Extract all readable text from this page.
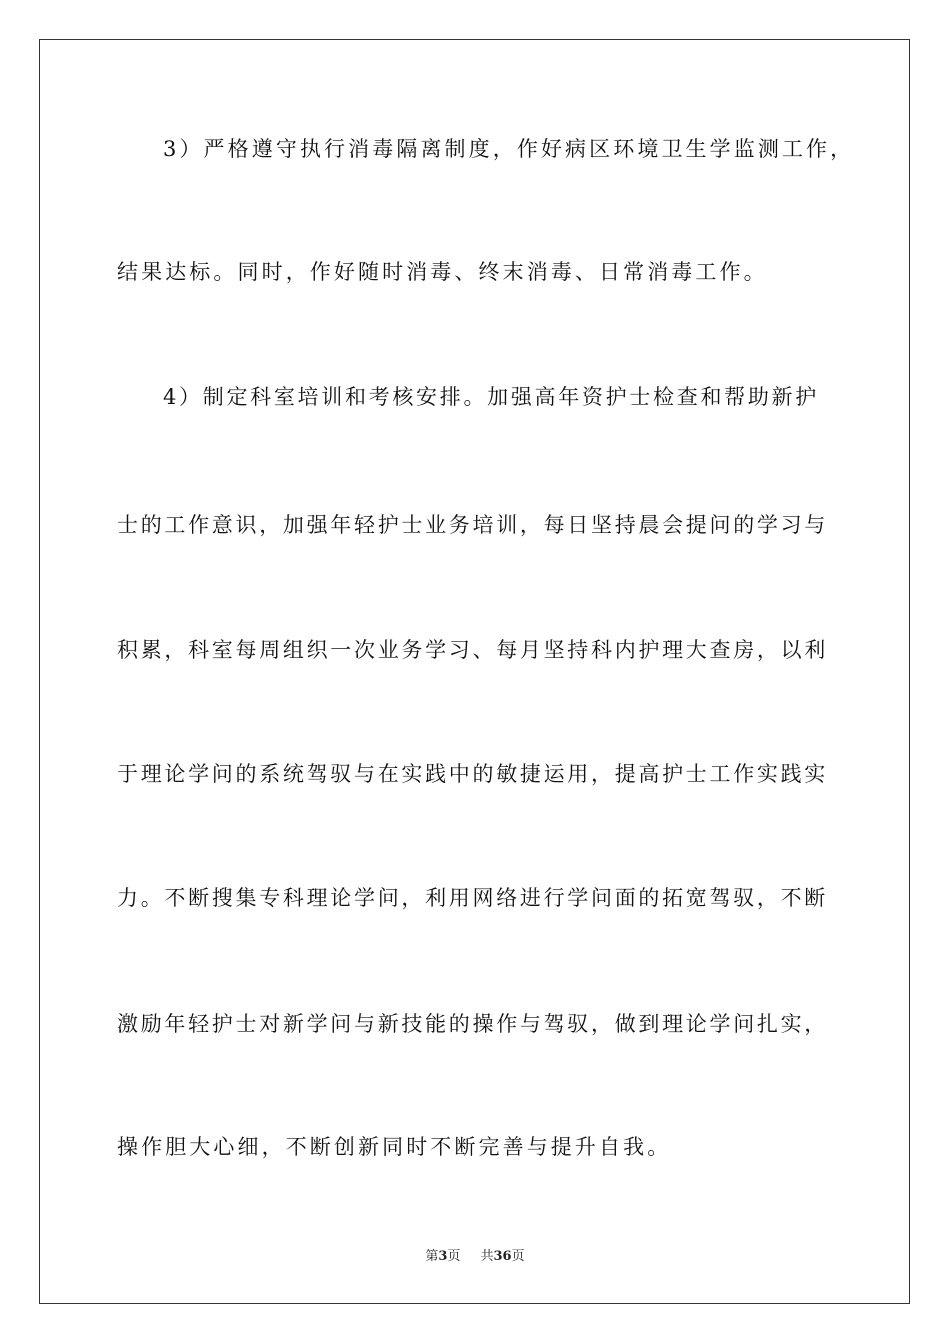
3）严格遵守执行消毒隔离制度，作好病区环境卫生学监测工作，
结果达标。同时，作好随时消毒、终末消毒、日常消毒工作。
4）制定科室培训和考核安排。加强高年资护士检查和帮助新护
士的工作意识，加强年轻护士业务培训，每日坚持晨会提问的学习与
积累，科室每周组织一次业务学习、每月坚持科内护理大查房，以利
于理论学问的系统驾驭与在实践中的敏捷运用，提高护士工作实践实
力。不断搜集专科理论学问，利用网络进行学问面的拓宽驾驭，不断
激励年轻护士对新学问与新技能的操作与驾驭，做到理论学问扎实，
操作胆大心细，不断创新同时不断完善与提升自我。
第3页 共36页
